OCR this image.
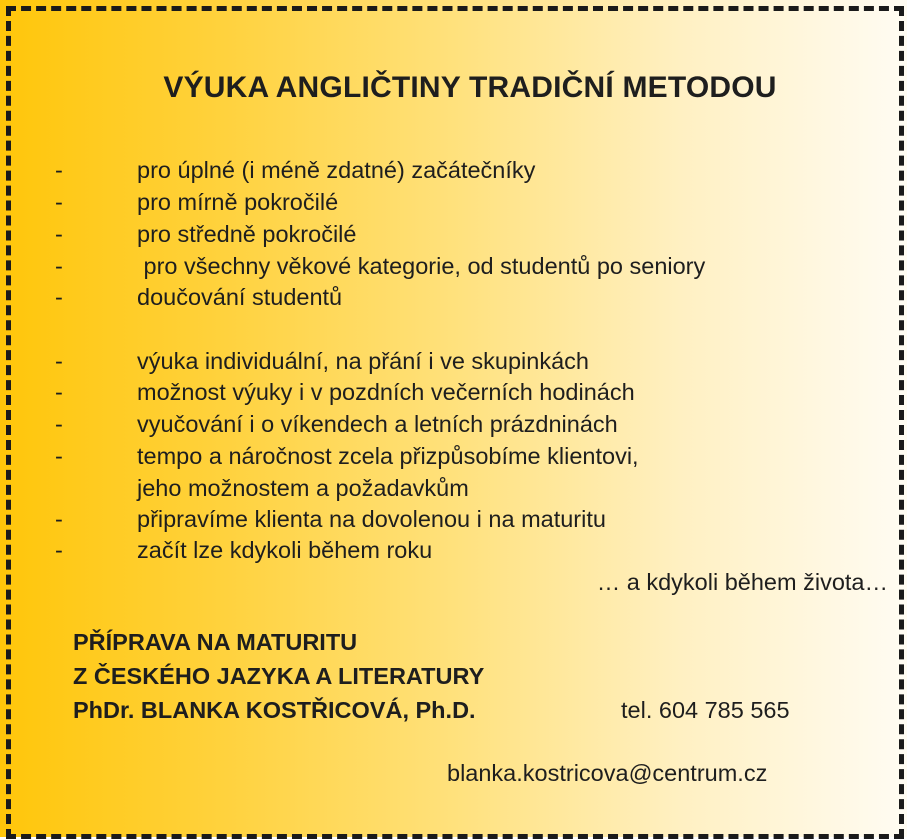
VÝUKA ANGLIČTINY TRADIČNÍ METODOU
-	pro úplné (i méně zdatné) začátečníky
-	pro mírně pokročilé
-	pro středně pokročilé
-	pro všechny věkové kategorie, od studentů po seniory
-	doučování studentů
-	výuka individuální, na přání i ve skupinkách
-	možnost výuky i v pozdních večerních hodinách
-	vyučování i o víkendech a letních prázdninách
-	tempo a náročnost zcela přizpůsobíme klientovi,
jeho možnostem a požadavkům
-	připravíme klienta na dovolenou i na maturitu
-	začít lze kdykoli během roku
… a kdykoli během života…
PŘÍPRAVA NA MATURITU
Z ČESKÉHO JAZYKA A LITERATURY
PhDr. BLANKA KOSTŘICOVÁ, Ph.D.	tel. 604 785 565
blanka.kostricova@centrum.cz
